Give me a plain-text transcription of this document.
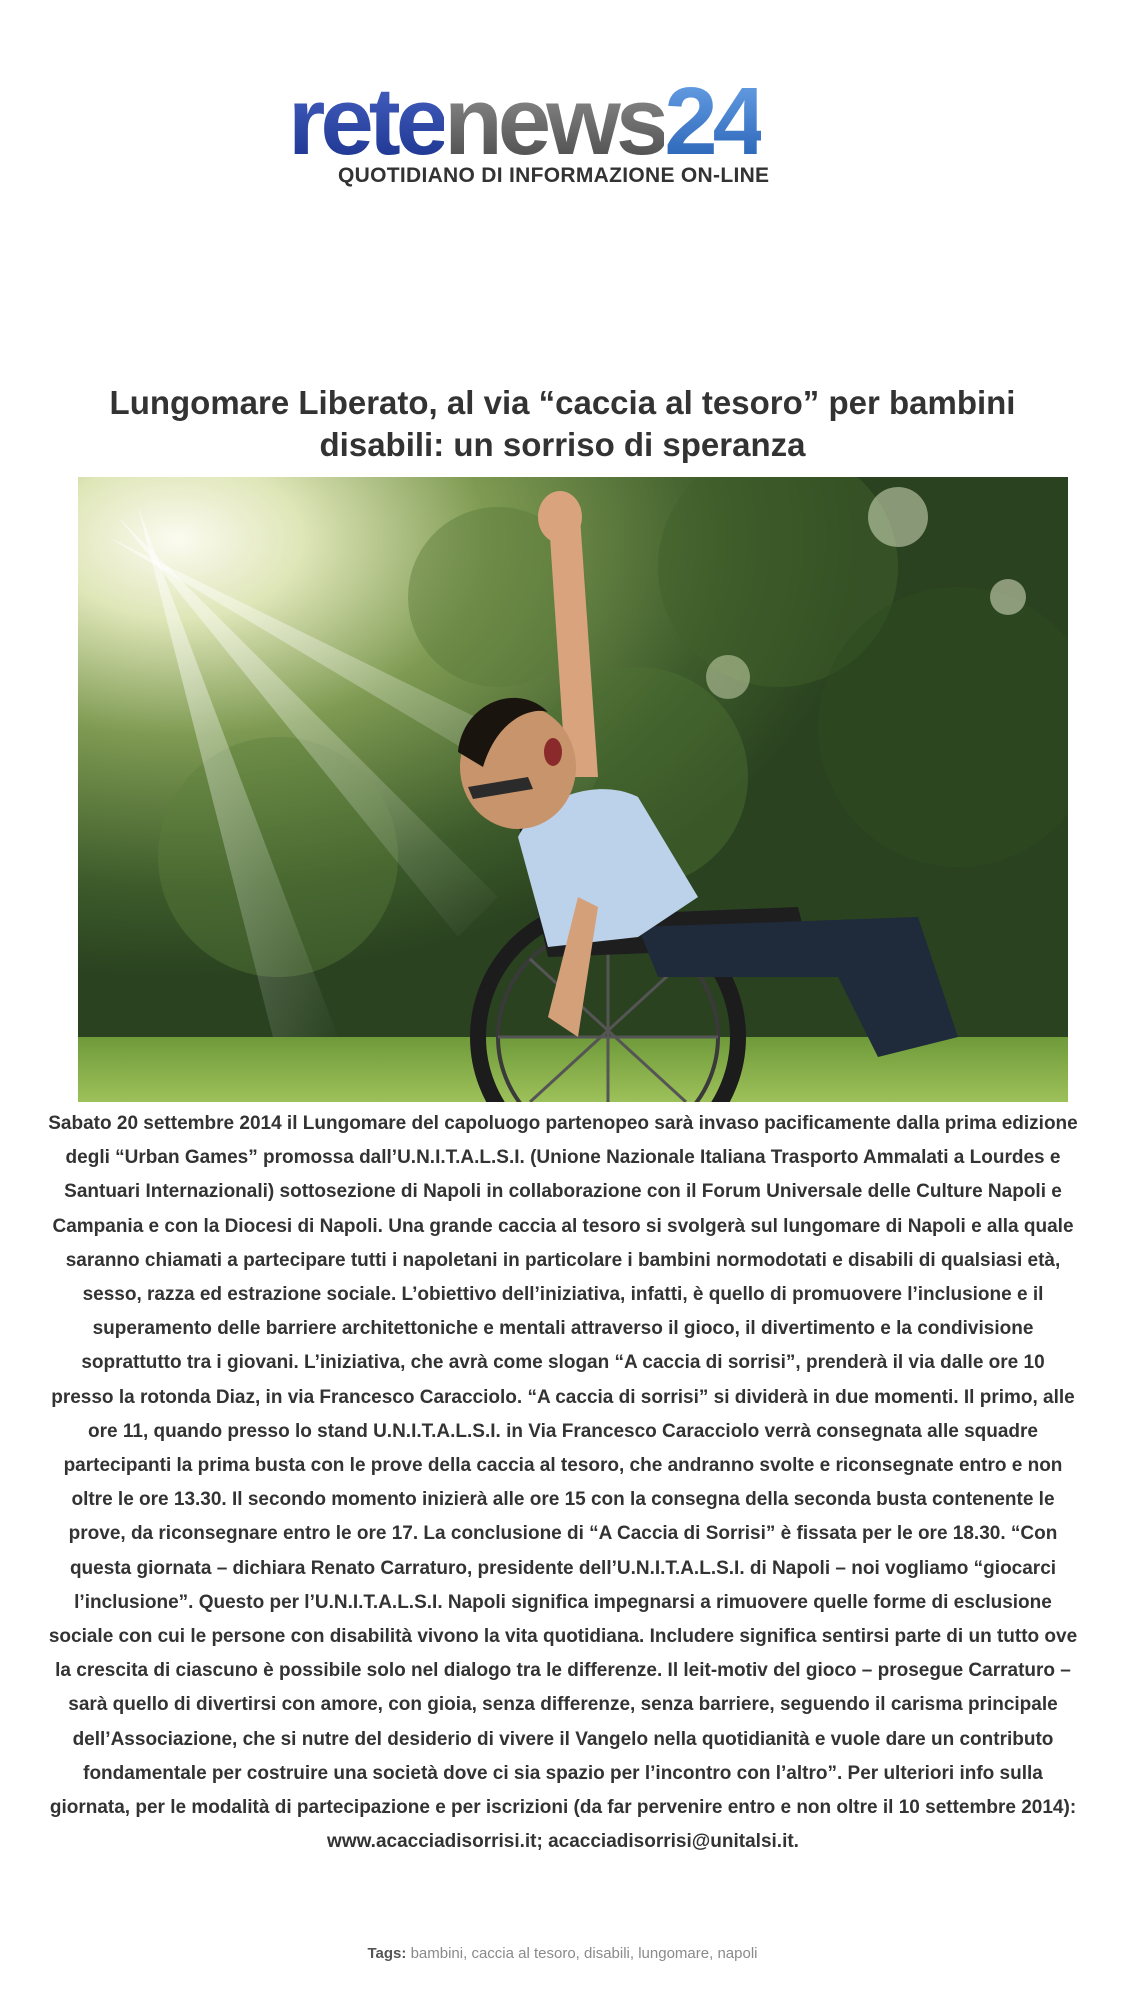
retenews24
QUOTIDIANO DI INFORMAZIONE ON-LINE
Lungomare Liberato, al via “caccia al tesoro” per bambini disabili: un sorriso di speranza

Sabato 20 settembre 2014 il Lungomare del capoluogo partenopeo sarà invaso pacificamente dalla prima edizione degli “Urban Games” promossa dall’U.N.I.T.A.L.S.I. (Unione Nazionale Italiana Trasporto Ammalati a Lourdes e Santuari Internazionali) sottosezione di Napoli in collaborazione con il Forum Universale delle Culture Napoli e Campania e con la Diocesi di Napoli. Una grande caccia al tesoro si svolgerà sul lungomare di Napoli e alla quale saranno chiamati a partecipare tutti i napoletani in particolare i bambini normodotati e disabili di qualsiasi età, sesso, razza ed estrazione sociale. L’obiettivo dell’iniziativa, infatti, è quello di promuovere l’inclusione e il superamento delle barriere architettoniche e mentali attraverso il gioco, il divertimento e la condivisione soprattutto tra i giovani. L’iniziativa, che avrà come slogan “A caccia di sorrisi”, prenderà il via dalle ore 10 presso la rotonda Diaz, in via Francesco Caracciolo. “A caccia di sorrisi” si dividerà in due momenti. Il primo, alle ore 11, quando presso lo stand U.N.I.T.A.L.S.I. in Via Francesco Caracciolo verrà consegnata alle squadre partecipanti la prima busta con le prove della caccia al tesoro, che andranno svolte e riconsegnate entro e non oltre le ore 13.30. Il secondo momento inizierà alle ore 15 con la consegna della seconda busta contenente le prove, da riconsegnare entro le ore 17. La conclusione di “A Caccia di Sorrisi” è fissata per le ore 18.30. “Con questa giornata – dichiara Renato Carraturo, presidente dell’U.N.I.T.A.L.S.I. di Napoli – noi vogliamo “giocarci l’inclusione”. Questo per l’U.N.I.T.A.L.S.I. Napoli significa impegnarsi a rimuovere quelle forme di esclusione sociale con cui le persone con disabilità vivono la vita quotidiana. Includere significa sentirsi parte di un tutto ove la crescita di ciascuno è possibile solo nel dialogo tra le differenze. Il leit-motiv del gioco – prosegue Carraturo – sarà quello di divertirsi con amore, con gioia, senza differenze, senza barriere, seguendo il carisma principale dell’Associazione, che si nutre del desiderio di vivere il Vangelo nella quotidianità e vuole dare un contributo fondamentale per costruire una società dove ci sia spazio per l’incontro con l’altro”. Per ulteriori info sulla giornata, per le modalità di partecipazione e per iscrizioni (da far pervenire entro e non oltre il 10 settembre 2014): www.acacciadisorrisi.it; acacciadisorrisi@unitalsi.it.

Tags: bambini, caccia al tesoro, disabili, lungomare, napoli
